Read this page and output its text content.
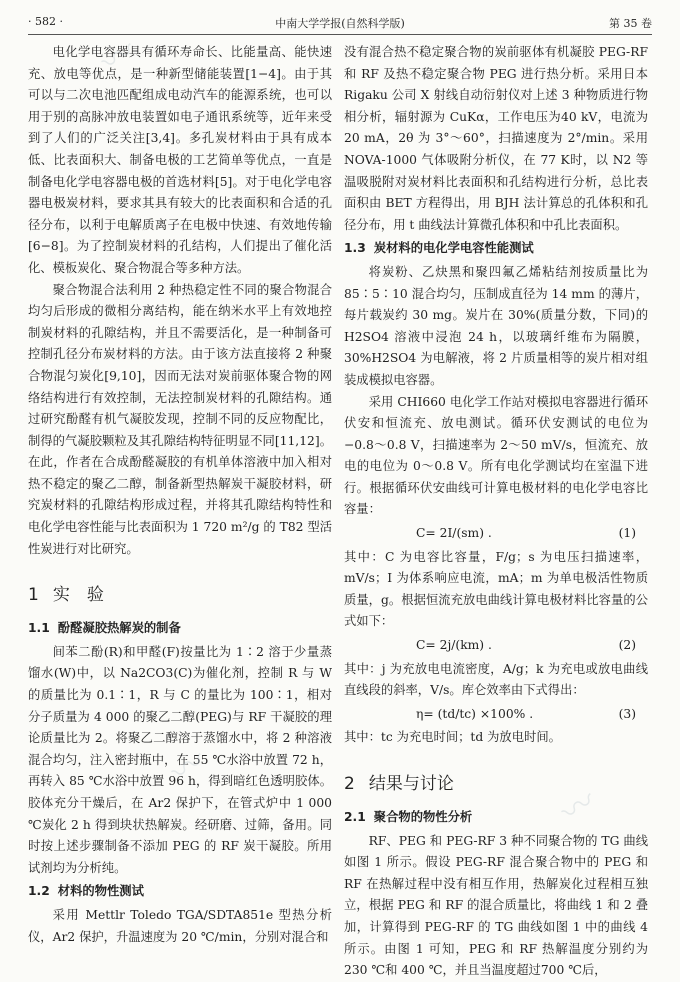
· 582 ·	中南大学学报(自然科学版)	第 35 卷

电化学电容器具有循环寿命长、比能量高、能快速充、放电等优点，是一种新型储能装置[1−4]。由于其可以与二次电池匹配组成电动汽车的能源系统，也可以用于别的高脉冲放电装置如电子通讯系统等，近年来受到了人们的广泛关注[3,4]。多孔炭材料由于具有成本低、比表面积大、制备电极的工艺简单等优点，一直是制备电化学电容器电极的首选材料[5]。对于电化学电容器电极炭材料，要求其具有较大的比表面积和合适的孔径分布，以利于电解质离子在电极中快速、有效地传输[6−8]。为了控制炭材料的孔结构，人们提出了催化活化、模板炭化、聚合物混合等多种方法。

聚合物混合法利用 2 种热稳定性不同的聚合物混合均匀后形成的微相分离结构，能在纳米水平上有效地控制炭材料的孔隙结构，并且不需要活化，是一种制备可控制孔径分布炭材料的方法。由于该方法直接将 2 种聚合物混匀炭化[9,10]，因而无法对炭前驱体聚合物的网络结构进行有效控制，无法控制炭材料的孔隙结构。通过研究酚醛有机气凝胶发现，控制不同的反应物配比，制得的气凝胶颗粒及其孔隙结构特征明显不同[11,12]。在此，作者在合成酚醛凝胶的有机单体溶液中加入相对热不稳定的聚乙二醇，制备新型热解炭干凝胶材料，研究炭材料的孔隙结构形成过程，并将其孔隙结构特性和电化学电容性能与比表面积为 1 720 m²/g 的 T82 型活性炭进行对比研究。

1 实　验
1.1 酚醛凝胶热解炭的制备

间苯二酚(R)和甲醛(F)按量比为 1∶2 溶于少量蒸馏水(W)中，以 Na2CO3(C)为催化剂，控制 R 与 W 的质量比为 0.1∶1，R 与 C 的量比为 100∶1，相对分子质量为 4 000 的聚乙二醇(PEG)与 RF 干凝胶的理论质量比为 2。将聚乙二醇溶于蒸馏水中，将 2 种溶液混合均匀，注入密封瓶中，在 55 ℃水浴中放置 72 h，再转入 85 ℃水浴中放置 96 h，得到暗红色透明胶体。胶体充分干燥后，在 Ar2 保护下，在管式炉中 1 000 ℃炭化 2 h 得到块状热解炭。经研磨、过筛，备用。同时按上述步骤制备不添加 PEG 的 RF 炭干凝胶。所用试剂均为分析纯。

1.2 材料的物性测试

采用 Mettlr Toledo TGA/SDTA851e 型热分析仪，Ar2 保护，升温速度为 20 ℃/min，分别对混合和

没有混合热不稳定聚合物的炭前驱体有机凝胶 PEG-RF 和 RF 及热不稳定聚合物 PEG 进行热分析。采用日本 Rigaku 公司 X 射线自动衍射仪对上述 3 种物质进行物相分析，辐射源为 CuKα，工作电压为40 kV，电流为 20 mA，2θ 为 3°～60°，扫描速度为 2°/min。采用 NOVA-1000 气体吸附分析仪，在 77 K时，以 N2 等温吸脱附对炭材料比表面积和孔结构进行分析，总比表面积由 BET 方程得出，用 BJH 法计算总的孔体积和孔径分布，用 t 曲线法计算微孔体积和中孔比表面积。

1.3 炭材料的电化学电容性能测试

将炭粉、乙炔黑和聚四氟乙烯粘结剂按质量比为 85∶5∶10 混合均匀，压制成直径为 14 mm 的薄片，每片载炭约 30 mg。炭片在 30%(质量分数，下同)的 H2SO4 溶液中浸泡 24 h，以玻璃纤维布为隔膜，30%H2SO4 为电解液，将 2 片质量相等的炭片相对组装成模拟电容器。

采用 CHI660 电化学工作站对模拟电容器进行循环伏安和恒流充、放电测试。循环伏安测试的电位为 −0.8～0.8 V，扫描速率为 2～50 mV/s，恒流充、放电的电位为 0～0.8 V。所有电化学测试均在室温下进行。根据循环伏安曲线可计算电极材料的电化学电容比容量：

C= 2I/(sm) .	(1)

其中：C 为电容比容量，F/g；s 为电压扫描速率，mV/s；I 为体系响应电流，mA；m 为单电极活性物质质量，g。根据恒流充放电曲线计算电极材料比容量的公式如下：

C= 2j/(km) .	(2)

其中：j 为充放电电流密度，A/g；k 为充电或放电曲线直线段的斜率，V/s。库仑效率由下式得出：

η= (td/tc) ×100% .	(3)

其中：tc 为充电时间；td 为放电时间。

2 结果与讨论
2.1 聚合物的物性分析

RF、PEG 和 PEG-RF 3 种不同聚合物的 TG 曲线如图 1 所示。假设 PEG-RF 混合聚合物中的 PEG 和 RF 在热解过程中没有相互作用，热解炭化过程相互独立，根据 PEG 和 RF 的混合质量比，将曲线 1 和 2 叠加，计算得到 PEG-RF 的 TG 曲线如图 1 中的曲线 4 所示。由图 1 可知，PEG 和 RF 热解温度分别约为 230 ℃和 400 ℃，并且当温度超过700 ℃后，

〰
〰
〰
